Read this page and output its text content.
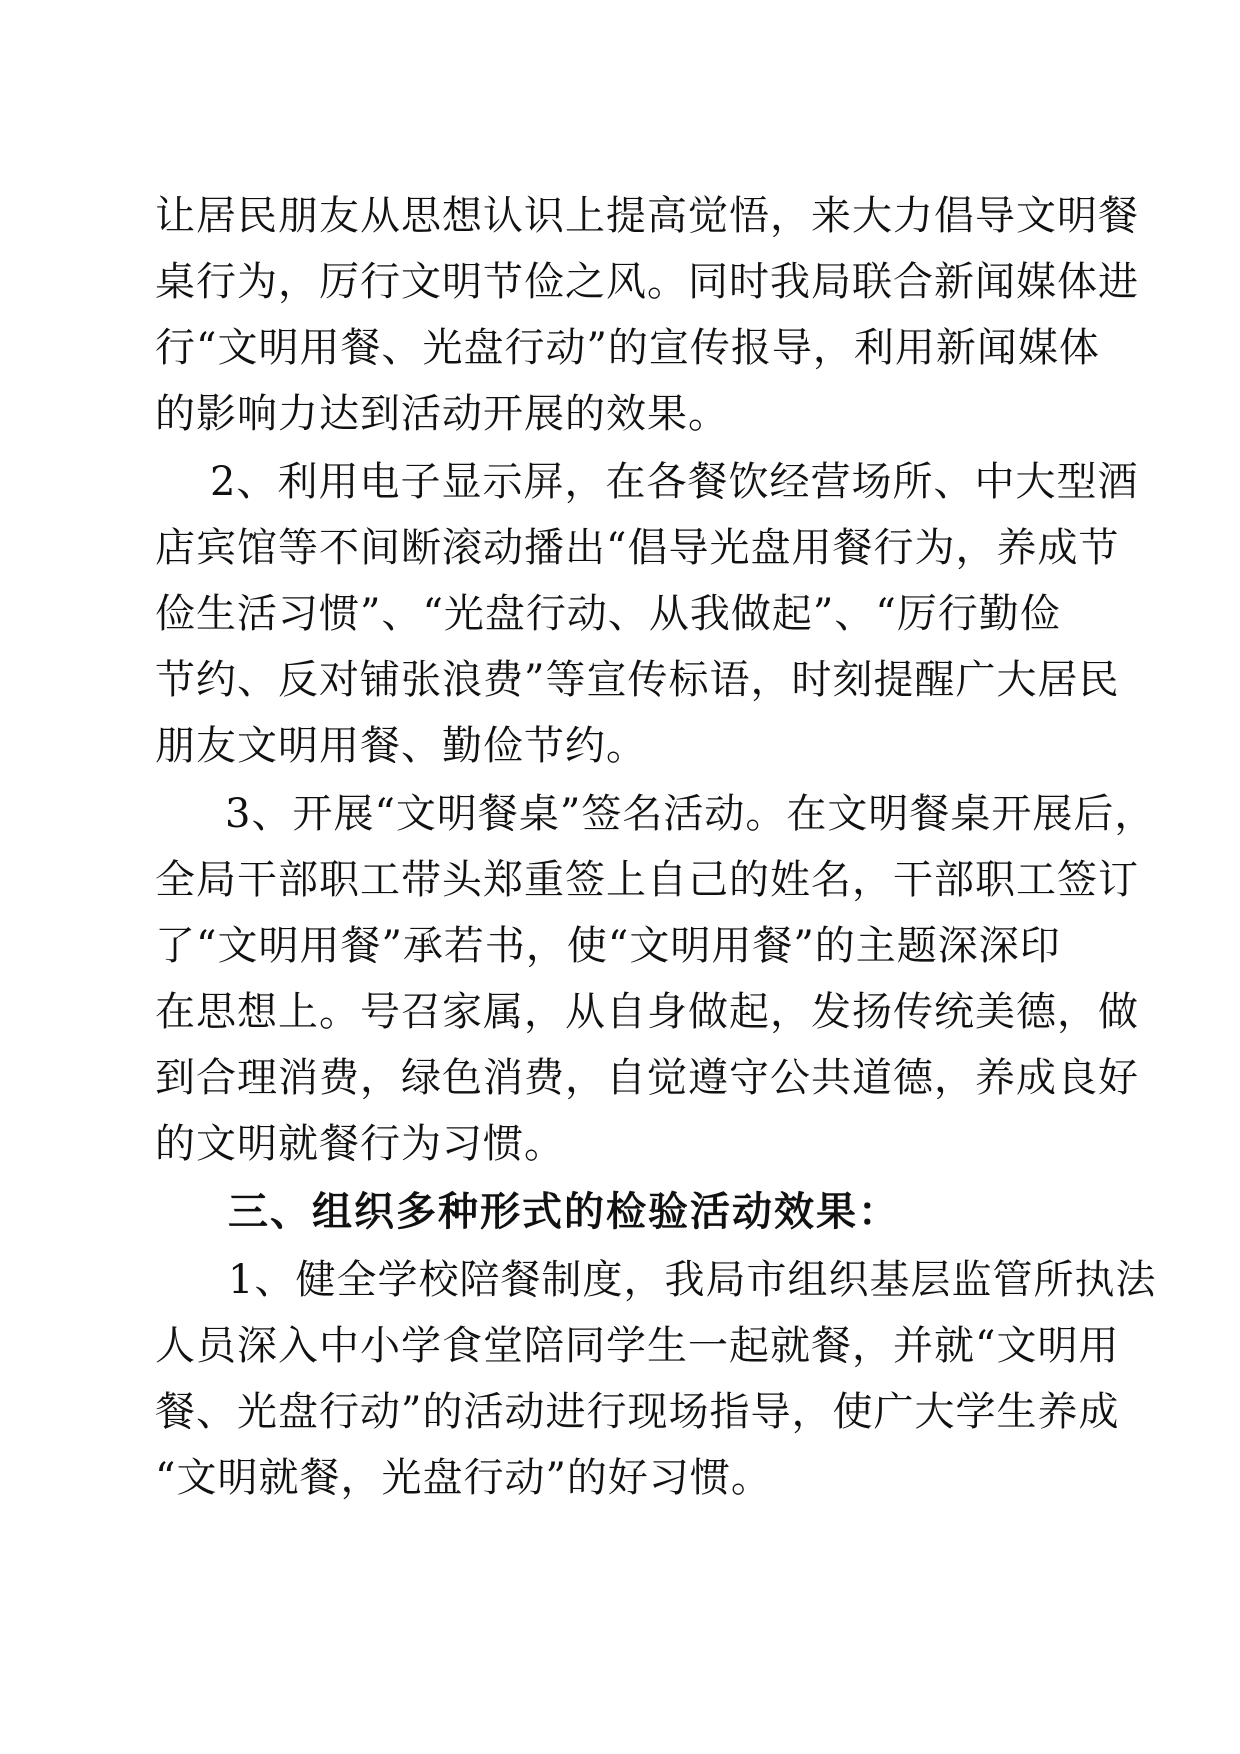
让居民朋友从思想认识上提高觉悟，来大力倡导文明餐
桌行为，厉行文明节俭之风。同时我局联合新闻媒体进
行“文明用餐、光盘行动”的宣传报导，利用新闻媒体
的影响力达到活动开展的效果。
2、利用电子显示屏，在各餐饮经营场所、中大型酒
店宾馆等不间断滚动播出“倡导光盘用餐行为，养成节
俭生活习惯”、“光盘行动、从我做起”、“厉行勤俭
节约、反对铺张浪费”等宣传标语，时刻提醒广大居民
朋友文明用餐、勤俭节约。
3、开展“文明餐桌”签名活动。在文明餐桌开展后，
全局干部职工带头郑重签上自己的姓名，干部职工签订
了“文明用餐”承若书，使“文明用餐”的主题深深印
在思想上。号召家属，从自身做起，发扬传统美德，做
到合理消费，绿色消费，自觉遵守公共道德，养成良好
的文明就餐行为习惯。
三、组织多种形式的检验活动效果：
1、健全学校陪餐制度，我局市组织基层监管所执法
人员深入中小学食堂陪同学生一起就餐，并就“文明用
餐、光盘行动”的活动进行现场指导，使广大学生养成
“文明就餐，光盘行动”的好习惯。
